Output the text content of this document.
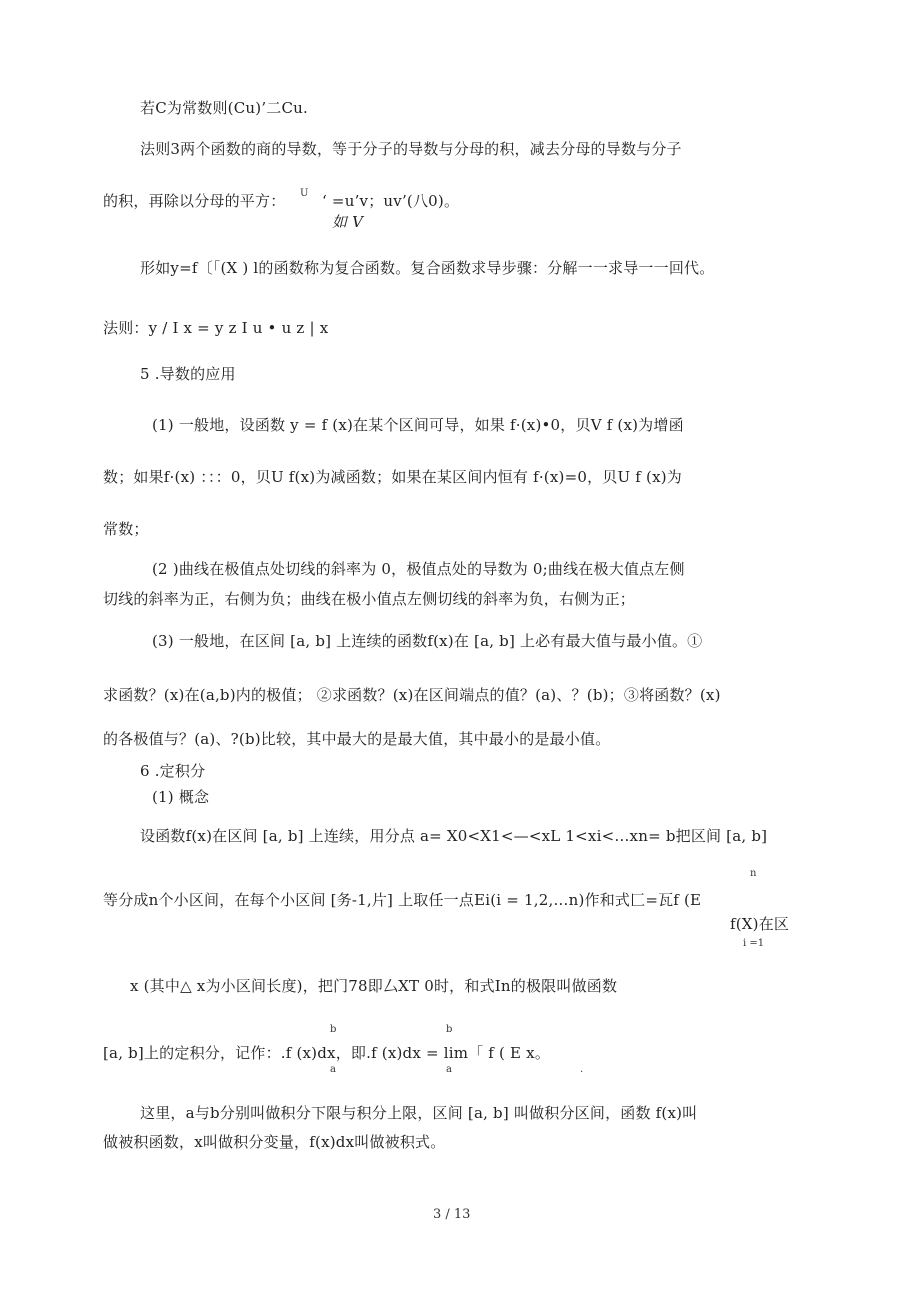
若C为常数则(Cu)’二Cu.
法则3两个函数的商的导数，等于分子的导数与分母的积，减去分母的导数与分子
的积，再除以分母的平方： U ‘ =u’v；uv’(八0)。
如 V
形如y=f〔「(X ) l的函数称为复合函数。复合函数求导步骤：分解一一求导一一回代。
法则：y / I x = y z I u • u z | x
5 .导数的应用
(1) 一般地，设函数 y = f (x)在某个区间可导，如果 f·(x)•0，贝V f (x)为增函
数；如果f·(x) ：：：0，贝U f(x)为减函数；如果在某区间内恒有 f·(x)=0，贝U f (x)为
常数；
(2 )曲线在极值点处切线的斜率为 0，极值点处的导数为 0;曲线在极大值点左侧
切线的斜率为正，右侧为负；曲线在极小值点左侧切线的斜率为负，右侧为正；
(3) 一般地，在区间 [a, b] 上连续的函数f(x)在 [a, b] 上必有最大值与最小值。①
求函数？(x)在(a,b)内的极值； ②求函数？(x)在区间端点的值？(a)、？(b)；③将函数？(x)
的各极值与？(a)、?(b)比较，其中最大的是最大值，其中最小的是最小值。
6 .定积分
(1) 概念
设函数f(x)在区间 [a, b] 上连续，用分点 a= X0<X1<—<xL 1<xi<…xn= b把区间 [a, b]
n
等分成n个小区间，在每个小区间 [务-1,片] 上取任一点Ei(i = 1,2,…n)作和式匚=瓦f (E
f(X)在区
i =1
x (其中△ x为小区间长度)，把门78即厶XT 0时，和式In的极限叫做函数
b	b
[a, b]上的定积分，记作：.f (x)dx，即.f (x)dx = lim「 f ( E x。
a	a	.
这里，a与b分别叫做积分下限与积分上限，区间 [a, b] 叫做积分区间，函数 f(x)叫
做被积函数，x叫做积分变量，f(x)dx叫做被积式。
3 / 13
